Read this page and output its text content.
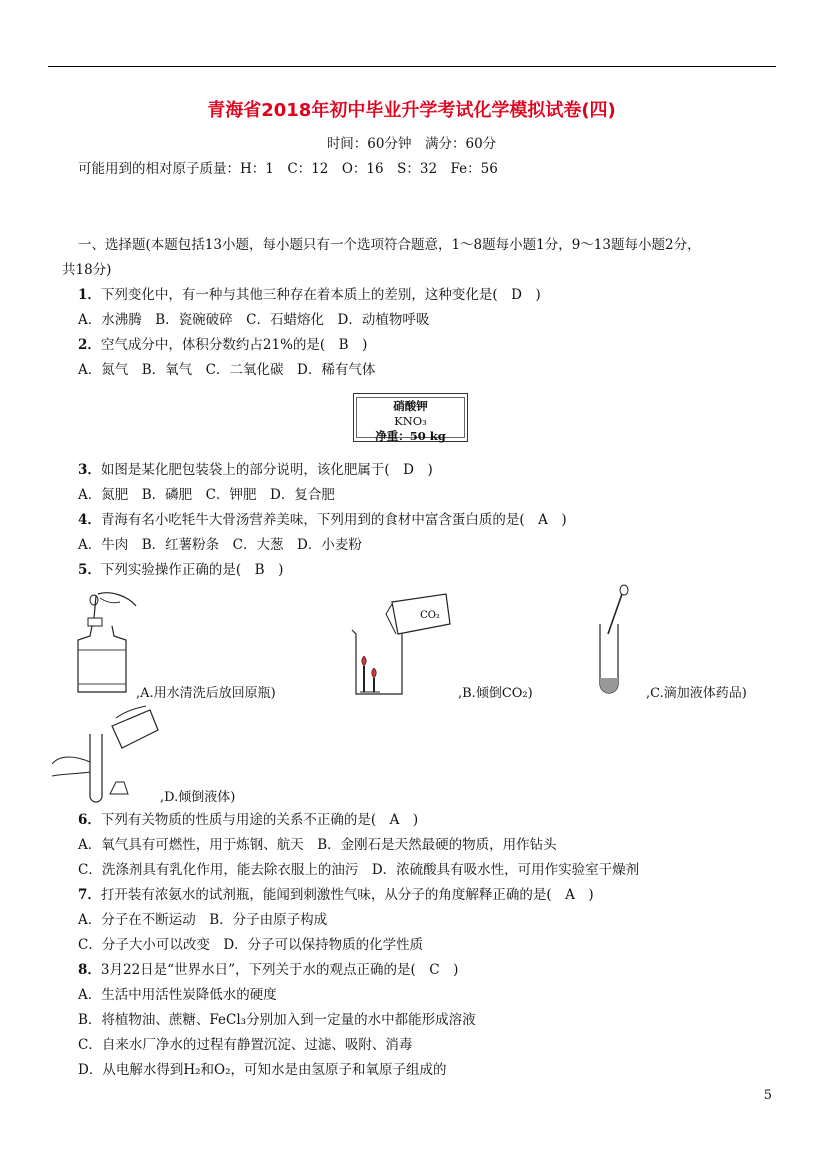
青海省2018年初中毕业升学考试化学模拟试卷(四)
时间：60分钟　满分：60分
可能用到的相对原子质量：H：1　C：12　O：16　S：32　Fe：56
一、选择题(本题包括13小题，每小题只有一个选项符合题意，1～8题每小题1分，9～13题每小题2分，
共18分)
1．下列变化中，有一种与其他三种存在着本质上的差别，这种变化是(　D　)
A．水沸腾　B．瓷碗破碎　C．石蜡熔化　D．动植物呼吸
2．空气成分中，体积分数约占21%的是(　B　)
A．氮气　B．氧气　C．二氧化碳　D．稀有气体
硝酸钾
KNO₃
净重：50 kg
3．如图是某化肥包装袋上的部分说明，该化肥属于(　D　)
A．氮肥　B．磷肥　C．钾肥　D．复合肥
4．青海有名小吃牦牛大骨汤营养美味，下列用到的食材中富含蛋白质的是(　A　)
A．牛肉　B．红薯粉条　C．大葱　D．小麦粉
5．下列实验操作正确的是(　B　)
,A.用水清洗后放回原瓶)
CO₂
,B.倾倒CO₂)	,C.滴加液体药品)
,D.倾倒液体)
6．下列有关物质的性质与用途的关系不正确的是(　A　)
A．氧气具有可燃性，用于炼钢、航天　B．金刚石是天然最硬的物质，用作钻头
C．洗涤剂具有乳化作用，能去除衣服上的油污　D．浓硫酸具有吸水性，可用作实验室干燥剂
7．打开装有浓氨水的试剂瓶，能闻到刺激性气味，从分子的角度解释正确的是(　A　)
A．分子在不断运动　B．分子由原子构成
C．分子大小可以改变　D．分子可以保持物质的化学性质
8．3月22日是“世界水日”，下列关于水的观点正确的是(　C　)
A．生活中用活性炭降低水的硬度
B．将植物油、蔗糖、FeCl₃分别加入到一定量的水中都能形成溶液
C．自来水厂净水的过程有静置沉淀、过滤、吸附、消毒
D．从电解水得到H₂和O₂，可知水是由氢原子和氧原子组成的
5
